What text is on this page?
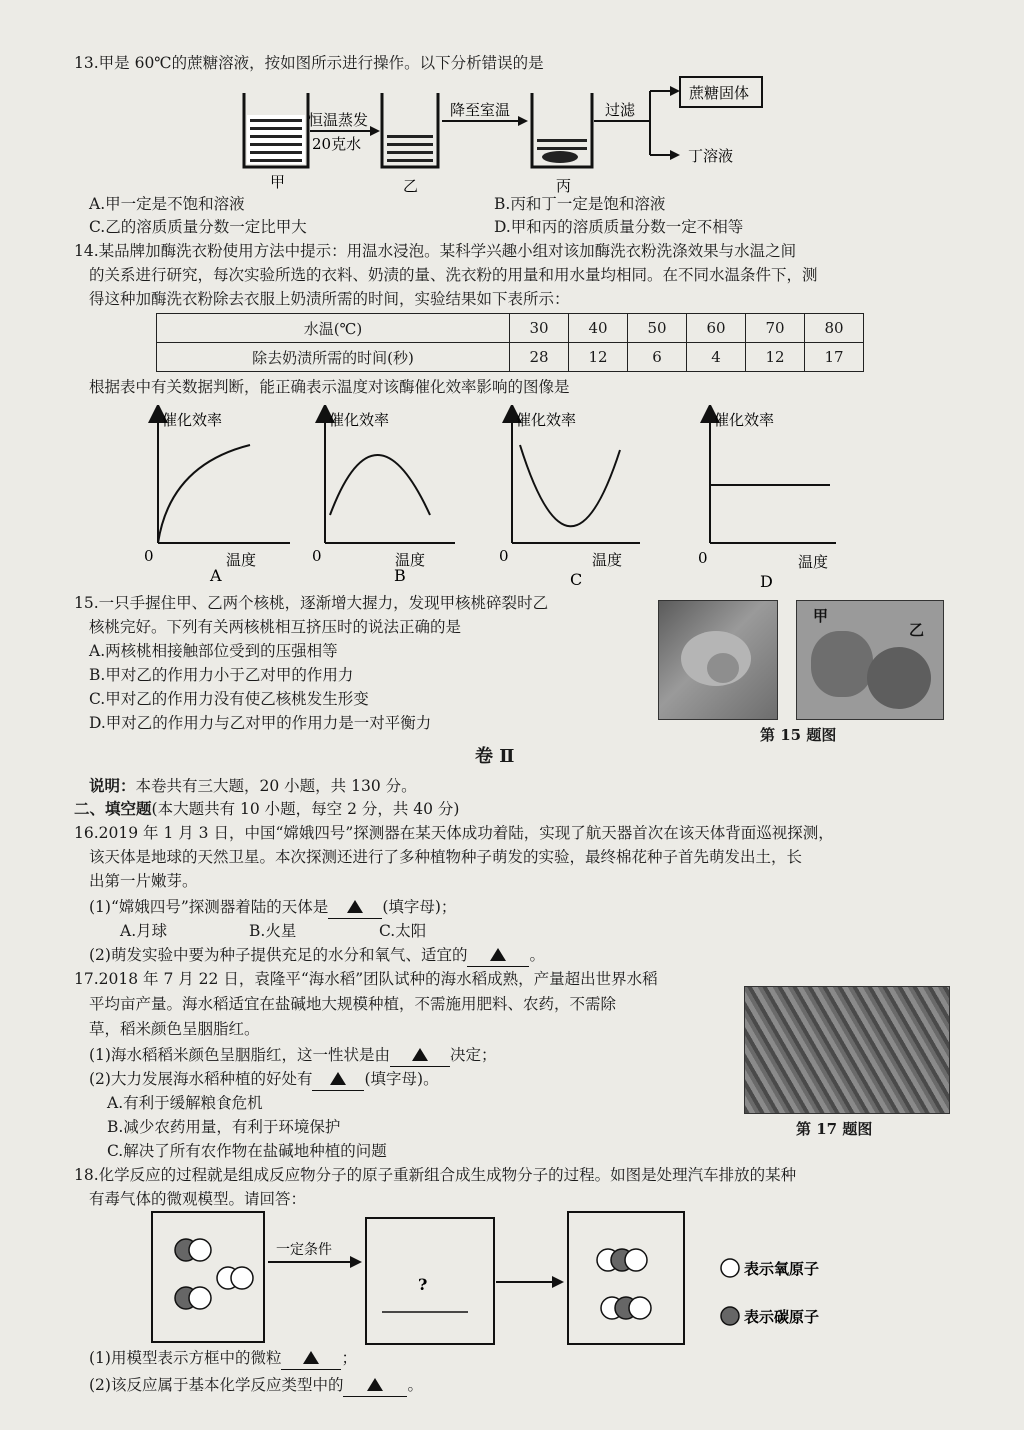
13.甲是 60℃的蔗糖溶液，按如图所示进行操作。以下分析错误的是
恒温蒸发
20克水
降至室温	过滤
蔗糖固体
丁溶液
甲	乙	丙
A.甲一定是不饱和溶液	B.丙和丁一定是饱和溶液
C.乙的溶质质量分数一定比甲大	D.甲和丙的溶质质量分数一定不相等
14.某品牌加酶洗衣粉使用方法中提示：用温水浸泡。某科学兴趣小组对该加酶洗衣粉洗涤效果与水温之间
的关系进行研究，每次实验所选的衣料、奶渍的量、洗衣粉的用量和用水量均相同。在不同水温条件下，测
得这种加酶洗衣粉除去衣服上奶渍所需的时间，实验结果如下表所示：
水温(℃)	30	40	50	60	70	80
除去奶渍所需的时间(秒)	28	12	6	4	12	17
根据表中有关数据判断，能正确表示温度对该酶催化效率影响的图像是
催化效率
0	温度
A
催化效率
温度
B
催化效率
温度
C
催化效率
0	温度
D
0	0
15.一只手握住甲、乙两个核桃，逐渐增大握力，发现甲核桃碎裂时乙
核桃完好。下列有关两核桃相互挤压时的说法正确的是
A.两核桃相接触部位受到的压强相等
B.甲对乙的作用力小于乙对甲的作用力
C.甲对乙的作用力没有使乙核桃发生形变
D.甲对乙的作用力与乙对甲的作用力是一对平衡力
甲
乙
第 15 题图
卷 Ⅱ
说明：本卷共有三大题，20 小题，共 130 分。
二、填空题(本大题共有 10 小题，每空 2 分，共 40 分)
16.2019 年 1 月 3 日，中国“嫦娥四号”探测器在某天体成功着陆，实现了航天器首次在该天体背面巡视探测，
该天体是地球的天然卫星。本次探测还进行了多种植物种子萌发的实验，最终棉花种子首先萌发出土，长
出第一片嫩芽。
(1)“嫦娥四号”探测器着陆的天体是	(填字母)；
A.月球	B.火星	C.太阳
(2)萌发实验中要为种子提供充足的水分和氧气、适宜的	。
17.2018 年 7 月 22 日，袁隆平“海水稻”团队试种的海水稻成熟，产量超出世界水稻
平均亩产量。海水稻适宜在盐碱地大规模种植，不需施用肥料、农药，不需除
草，稻米颜色呈胭脂红。
(1)海水稻稻米颜色呈胭脂红，这一性状是由	决定；
(2)大力发展海水稻种植的好处有	(填字母)。
A.有利于缓解粮食危机
B.减少农药用量，有利于环境保护
C.解决了所有农作物在盐碱地种植的问题
第 17 题图
18.化学反应的过程就是组成反应物分子的原子重新组合成生成物分子的过程。如图是处理汽车排放的某种
有毒气体的微观模型。请回答：
一定条件
?
表示氧原子
表示碳原子
(1)用模型表示方框中的微粒	；
(2)该反应属于基本化学反应类型中的	。
